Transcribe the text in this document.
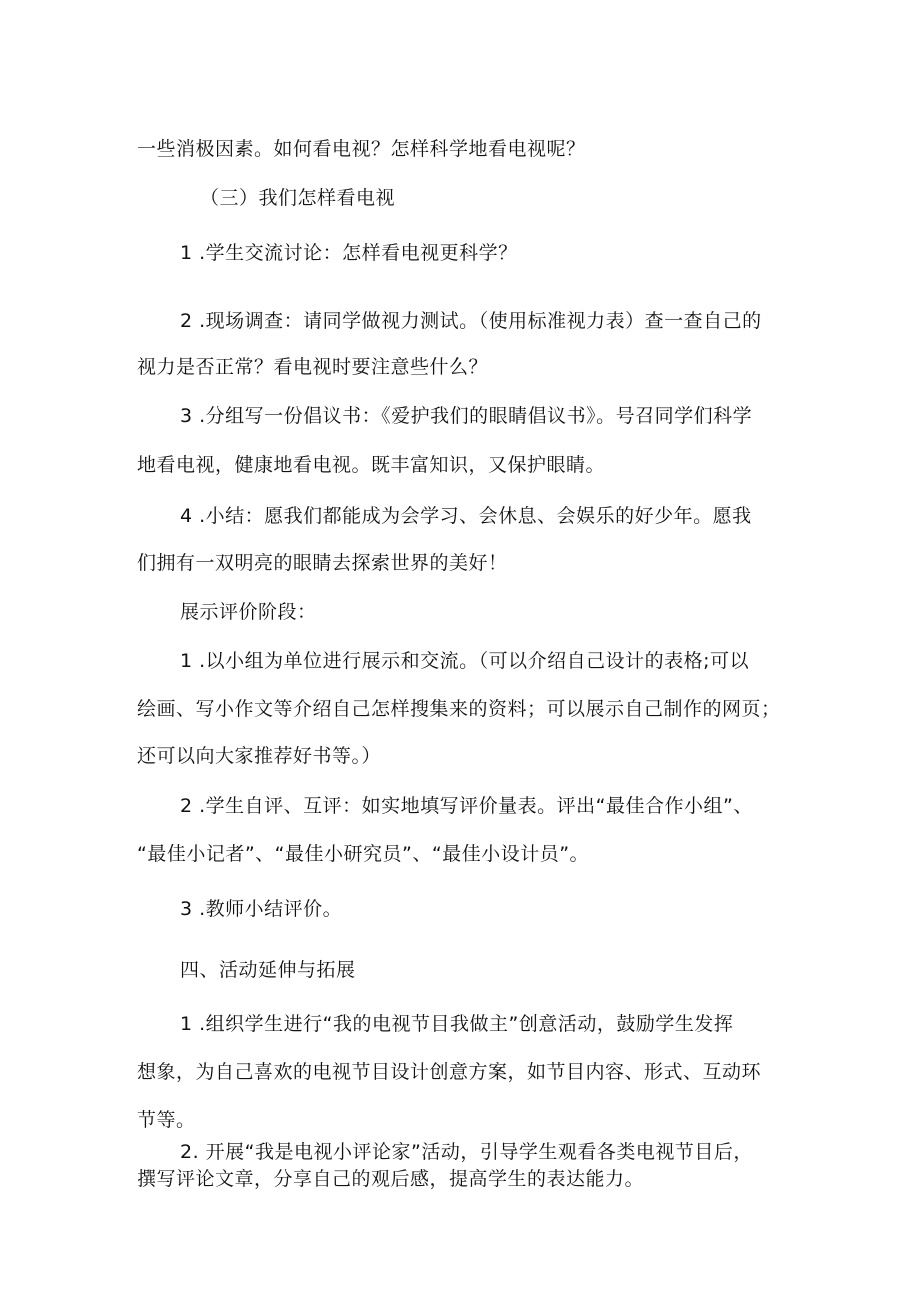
一些消极因素。如何看电视？怎样科学地看电视呢？
（三）我们怎样看电视
1 .学生交流讨论：怎样看电视更科学？
2 .现场调查：请同学做视力测试。（使用标准视力表）查一查自己的
视力是否正常？看电视时要注意些什么？
3 .分组写一份倡议书：《爱护我们的眼睛倡议书》。号召同学们科学
地看电视，健康地看电视。既丰富知识，又保护眼睛。
4 .小结：愿我们都能成为会学习、会休息、会娱乐的好少年。愿我
们拥有一双明亮的眼睛去探索世界的美好！
展示评价阶段：
1 .以小组为单位进行展示和交流。（可以介绍自己设计的表格;可以
绘画、写小作文等介绍自己怎样搜集来的资料；可以展示自己制作的网页；
还可以向大家推荐好书等。）
2 .学生自评、互评：如实地填写评价量表。评出“最佳合作小组”、
“最佳小记者”、“最佳小研究员”、“最佳小设计员”。
3 .教师小结评价。
四、活动延伸与拓展
1 .组织学生进行“我的电视节目我做主”创意活动，鼓励学生发挥
想象，为自己喜欢的电视节目设计创意方案，如节目内容、形式、互动环
节等。
2. 开展“我是电视小评论家”活动，引导学生观看各类电视节目后，
撰写评论文章，分享自己的观后感，提高学生的表达能力。
